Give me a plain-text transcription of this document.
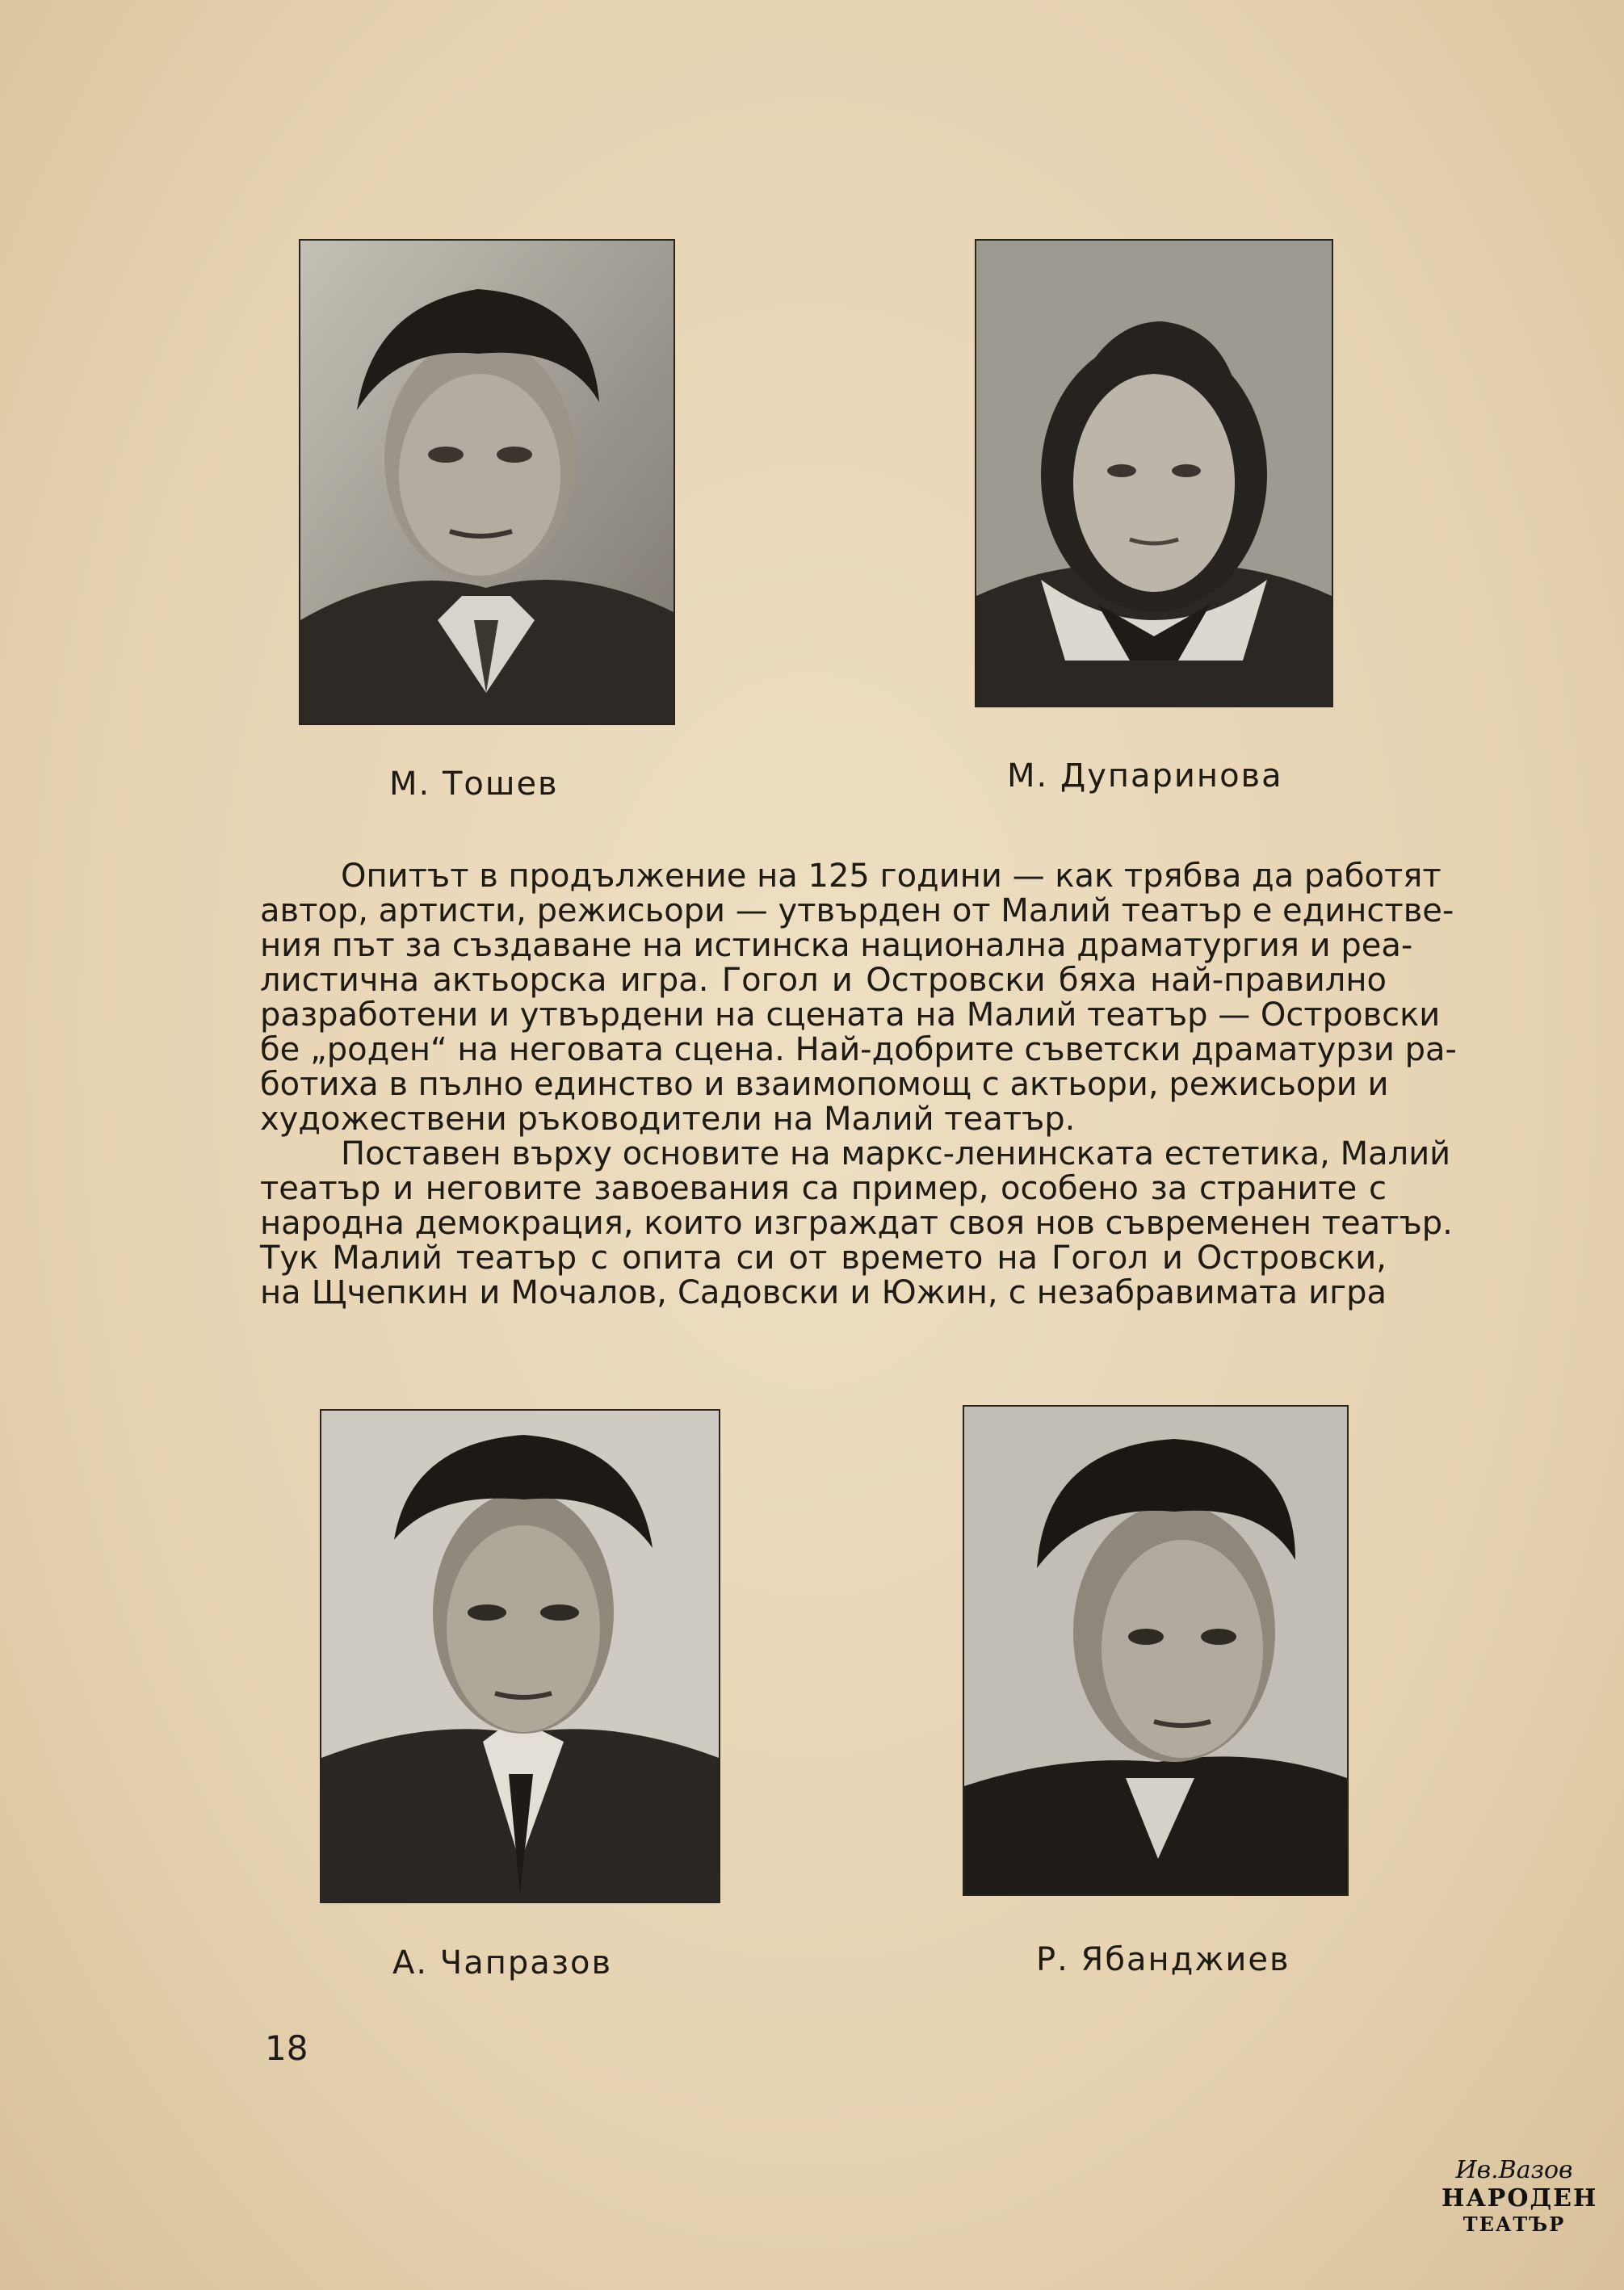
М. Тошев	М. Дупаринова

Опитът в продължение на 125 години — как трябва да работят
автор, артисти, режисьори — утвърден от Малий театър е единстве-
ния път за създаване на истинска национална драматургия и реа-
листична актьорска игра. Гогол и Островски бяха най-правилно
разработени и утвърдени на сцената на Малий театър — Островски
бе „роден“ на неговата сцена. Най-добрите съветски драматурзи ра-
ботиха в пълно единство и взаимопомощ с актьори, режисьори и
художествени ръководители на Малий театър.

Поставен върху основите на маркс-ленинската естетика, Малий
театър и неговите завоевания са пример, особено за страните с
народна демокрация, които изграждат своя нов съвременен театър.
Тук Малий театър с опита си от времето на Гогол и Островски,
на Щчепкин и Мочалов, Садовски и Южин, с незабравимата игра

А. Чапразов	Р. Ябанджиев
18
Ив.Вазов
НАРОДЕН
ТЕАТЪР
